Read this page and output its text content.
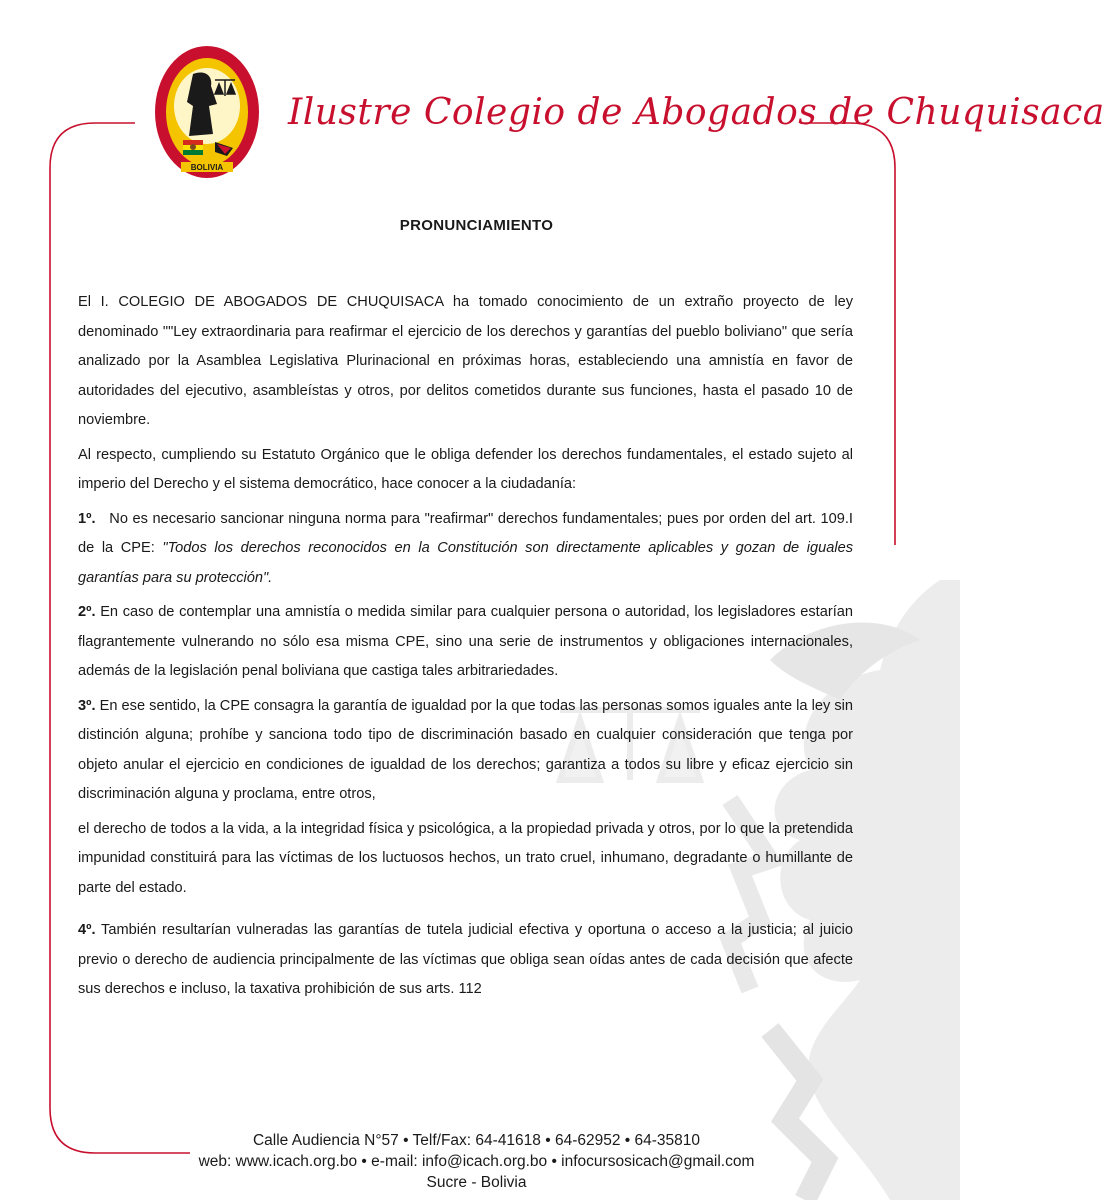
BOLIVIA
Ilustre Colegio de Abogados de Chuquisaca
PRONUNCIAMIENTO

El I. COLEGIO DE ABOGADOS DE CHUQUISACA ha tomado conocimiento de un extraño proyecto de ley denominado ""Ley extraordinaria para reafirmar el ejercicio de los derechos y garantías del pueblo boliviano" que sería analizado por la Asamblea Legislativa Plurinacional en próximas horas, estableciendo una amnistía en favor de autoridades del ejecutivo, asambleístas y otros, por delitos cometidos durante sus funciones, hasta el pasado 10 de noviembre.

Al respecto, cumpliendo su Estatuto Orgánico que le obliga defender los derechos fundamentales, el estado sujeto al imperio del Derecho y el sistema democrático, hace conocer a la ciudadanía:

1º. No es necesario sancionar ninguna norma para "reafirmar" derechos fundamentales; pues por orden del art. 109.I de la CPE: "Todos los derechos reconocidos en la Constitución son directamente aplicables y gozan de iguales garantías para su protección".

2º. En caso de contemplar una amnistía o medida similar para cualquier persona o autoridad, los legisladores estarían flagrantemente vulnerando no sólo esa misma CPE, sino una serie de instrumentos y obligaciones internacionales, además de la legislación penal boliviana que castiga tales arbitrariedades.

3º. En ese sentido, la CPE consagra la garantía de igualdad por la que todas las personas somos iguales ante la ley sin distinción alguna; prohíbe y sanciona todo tipo de discriminación basado en cualquier consideración que tenga por objeto anular el ejercicio en condiciones de igualdad de los derechos; garantiza a todos su libre y eficaz ejercicio sin discriminación alguna y proclama, entre otros,

el derecho de todos a la vida, a la integridad física y psicológica, a la propiedad privada y otros, por lo que la pretendida impunidad constituirá para las víctimas de los luctuosos hechos, un trato cruel, inhumano, degradante o humillante de parte del estado.

4º. También resultarían vulneradas las garantías de tutela judicial efectiva y oportuna o acceso a la justicia; al juicio previo o derecho de audiencia principalmente de las víctimas que obliga sean oídas antes de cada decisión que afecte sus derechos e incluso, la taxativa prohibición de sus arts. 112

Calle Audiencia N°57 • Telf/Fax: 64-41618 • 64-62952 • 64-35810
web: www.icach.org.bo • e-mail: info@icach.org.bo • infocursosicach@gmail.com
Sucre - Bolivia
